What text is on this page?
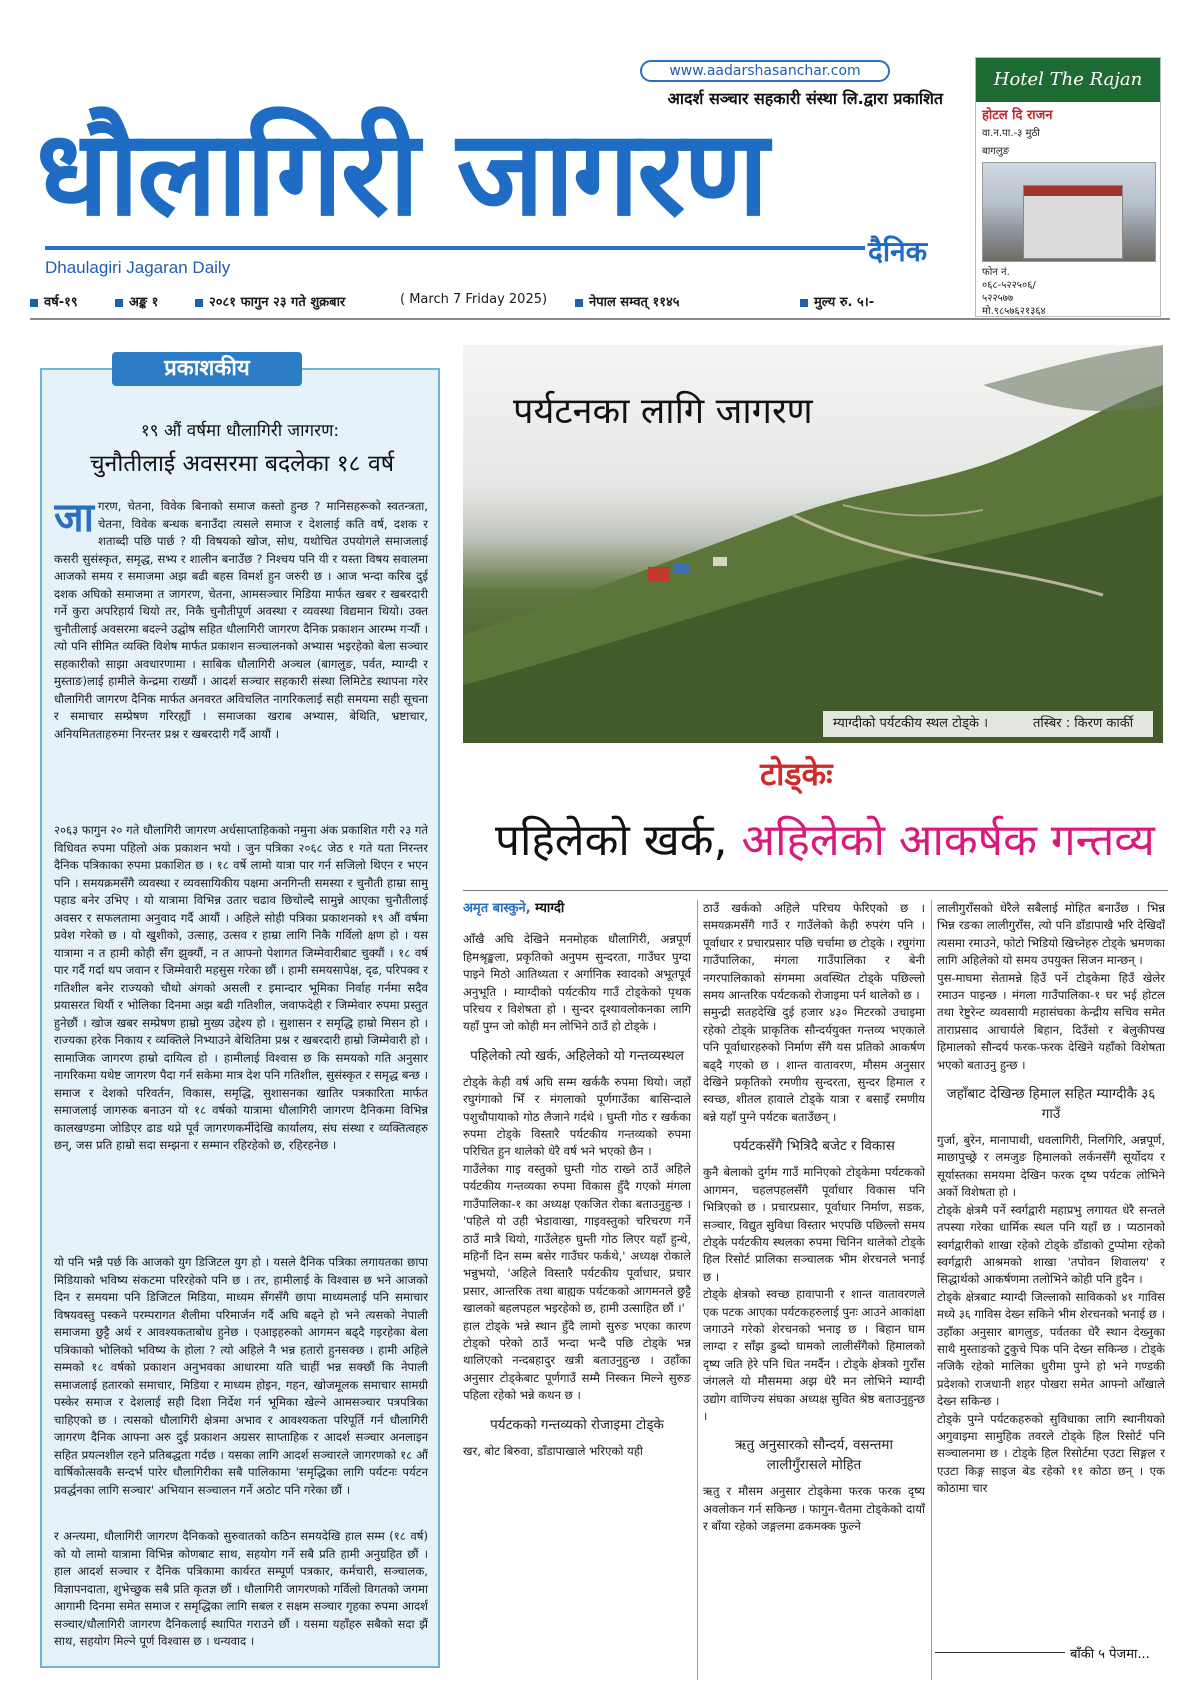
www.aadarshasanchar.com
आदर्श सञ्चार सहकारी संस्था लि.द्वारा प्रकाशित
धौलागिरी जागरण
Dhaulagiri Jagaran Daily	दैनिक
Hotel The Rajan
होटल दि राजन
वा.न.पा.-३ मुठी
बागलुङ
फोन नं.
०६८-५२२५०६/
५२२५७७
मो.९८५७६२१३६४
वर्ष-१९	अङ्क १	२०८१ फागुन २३ गते शुक्रबार	( March 7 Friday 2025)	नेपाल सम्वत् ११४५	मुल्य रु. ५।-
प्रकाशकीय
१९ औं वर्षमा धौलागिरी जागरण:
चुनौतीलाई अवसरमा बदलेका १८ वर्ष
जागरण, चेतना, विवेक बिनाको समाज कस्तो हुन्छ ? मानिसहरूको स्वतन्त्रता, चेतना, विवेक बन्धक बनाउँदा त्यसले समाज र देशलाई कति वर्ष, दशक र शताब्दी पछि पार्छ ? यी विषयको खोज, सोध, यथोचित उपयोगले समाजलाई कसरी सुसंस्कृत, समृद्ध, सभ्य र शालीन बनाउँछ ? निश्चय पनि यी र यस्ता विषय सवालमा आजको समय र समाजमा अझ बढी बहस विमर्श हुन जरुरी छ । आज भन्दा करिब दुई दशक अघिको समाजमा त जागरण, चेतना, आमसञ्चार मिडिया मार्फत खबर र खबरदारी गर्ने कुरा अपरिहार्य थियो तर, निकै चुनौतीपूर्ण अवस्था र व्यवस्था विद्यमान थियो। उक्त चुनौतीलाई अवसरमा बदल्ने उद्घोष सहित धौलागिरी जागरण दैनिक प्रकाशन आरम्भ गर्‍यौं । त्यो पनि सीमित व्यक्ति विशेष मार्फत प्रकाशन सञ्चालनको अभ्यास भइरहेको बेला सञ्चार सहकारीको साझा अवधारणामा । साबिक धौलागिरी अञ्चल (बागलुङ, पर्वत, म्याग्दी र मुस्ताङ)लाई हामीले केन्द्रमा राख्यौं । आदर्श सञ्चार सहकारी संस्था लिमिटेड स्थापना गरेर धौलागिरी जागरण दैनिक मार्फत अनवरत अविचलित नागरिकलाई सही समयमा सही सूचना र समाचार सम्प्रेषण गरिरह्यौं । समाजका खराब अभ्यास, बेथिति, भ्रष्टाचार, अनियमितताहरुमा निरन्तर प्रश्न र खबरदारी गर्दै आयौं ।
२०६३ फागुन २० गते धौलागिरी जागरण अर्धसाप्ताहिकको नमुना अंक प्रकाशित गरी २३ गते विधिवत रुपमा पहिलो अंक प्रकाशन भयो । जुन पत्रिका २०६८ जेठ १ गते यता निरन्तर दैनिक पत्रिकाका रुपमा प्रकाशित छ । १८ वर्षे लामो यात्रा पार गर्न सजिलो थिएन र भएन पनि । समयक्रमसँगै व्यवस्था र व्यवसायिकीय पक्षमा अनगिन्ती समस्या र चुनौती हाम्रा सामु पहाड बनेर उभिए । यो यात्रामा विभिन्न उतार चढाव छिचोल्दै सामुन्ने आएका चुनौतीलाई अवसर र सफलतामा अनुवाद गर्दै आयौं । अहिले सोही पत्रिका प्रकाशनको १९ औं वर्षमा प्रवेश गरेको छ । यो खुशीको, उत्साह, उत्सव र हाम्रा लागि निकै गर्विलो क्षण हो । यस यात्रामा न त हामी कोही सँग झुक्यौं, न त आफ्नो पेशागत जिम्मेवारीबाट चुक्यौं । १८ वर्ष पार गर्दै गर्दा थप जवान र जिम्मेवारी महसुस गरेका छौं । हामी समयसापेक्ष, दृढ, परिपक्व र गतिशील बनेर राज्यको चौथो अंगको असली र इमान्दार भूमिका निर्वाह गर्नमा सदैव प्रयासरत थियौं र भोलिका दिनमा अझ बढी गतिशील, जवाफदेही र जिम्मेवार रुपमा प्रस्तुत हुनेछौं । खोज खबर सम्प्रेषण हाम्रो मुख्य उद्देश्य हो । सुशासन र समृद्धि हाम्रो मिसन हो । राज्यका हरेक निकाय र व्यक्तिले निभ्याउने बेथितिमा प्रश्न र खबरदारी हाम्रो जिम्मेवारी हो । सामाजिक जागरण हाम्रो दायित्व हो । हामीलाई विश्वास छ कि समयको गति अनुसार नागरिकमा यथेष्ट जागरण पैदा गर्न सकेमा मात्र देश पनि गतिशील, सुसंस्कृत र समृद्ध बन्छ । समाज र देशको परिवर्तन, विकास, समृद्धि, सुशासनका खातिर पत्रकारिता मार्फत समाजलाई जागरुक बनाउन यो १८ वर्षको यात्रामा धौलागिरी जागरण दैनिकमा विभिन्न कालखण्डमा जोडिएर ढाड थप्ने पूर्व जागरणकर्मीदेखि कार्यालय, संघ संस्था र व्यक्तित्वहरु छन्, जस प्रति हाम्रो सदा सम्झना र सम्मान रहिरहेको छ, रहिरहनेछ ।
यो पनि भन्नै पर्छ कि आजको युग डिजिटल युग हो । यसले दैनिक पत्रिका लगायतका छापा मिडियाको भविष्य संकटमा परिरहेको पनि छ । तर, हामीलाई के विश्वास छ भने आजको दिन र समयमा पनि डिजिटल मिडिया, माध्यम सँगसँगै छापा माध्यमलाई पनि समाचार विषयवस्तु पस्कने परम्परागत शैलीमा परिमार्जन गर्दै अघि बढ्ने हो भने त्यसको नेपाली समाजमा छुट्टै अर्थ र आवश्यकताबोध हुनेछ । एआइहरुको आगमन बढ्दै गइरहेका बेला पत्रिकाको भोलिको भविष्य के होला ? त्यो अहिले नै भन्न हतारो हुनसक्छ । हामी अहिले सम्मको १८ वर्षको प्रकाशन अनुभवका आधारमा यति चाहीं भन्न सक्छौं कि नेपाली समाजलाई हतारको समाचार, मिडिया र माध्यम होइन, गहन, खोजमूलक समाचार सामग्री पस्केर समाज र देशलाई सही दिशा निर्देश गर्न भूमिका खेल्ने आमसञ्चार पत्रपत्रिका चाहिएको छ । त्यसको धौलागिरी क्षेत्रमा अभाव र आवश्यकता परिपूर्ति गर्न धौलागिरी जागरण दैनिक आफ्ना अरु दुई प्रकाशन अग्रसर साप्ताहिक र आदर्श सञ्चार अनलाइन सहित प्रयत्नशील रहने प्रतिबद्धता गर्दछ । यसका लागि आदर्श सञ्चारले जागरणको १८ औं वार्षिकोत्सवकै सन्दर्भ पारेर धौलागिरीका सबै पालिकामा 'समृद्धिका लागि पर्यटनः पर्यटन प्रवर्द्धनका लागि सञ्चार' अभियान सञ्चालन गर्ने अठोट पनि गरेका छौं ।
र अन्त्यमा, धौलागिरी जागरण दैनिकको सुरुवातको कठिन समयदेखि हाल सम्म (१८ वर्ष) को यो लामो यात्रामा विभिन्न कोणबाट साथ, सहयोग गर्ने सबै प्रति हामी अनुग्रहित छौं । हाल आदर्श सञ्चार र दैनिक पत्रिकामा कार्यरत सम्पूर्ण पत्रकार, कर्मचारी, सञ्चालक, विज्ञापनदाता, शुभेच्छुक सबै प्रति कृतज्ञ छौं । धौलागिरी जागरणको गर्विलो विगतको जगमा आगामी दिनमा समेत समाज र समृद्धिका लागि सबल र सक्षम सञ्चार गृहका रुपमा आदर्श सञ्चार/धौलागिरी जागरण दैनिकलाई स्थापित गराउने छौं । यसमा यहाँहरु सबैको सदा झैं साथ, सहयोग मिल्ने पूर्ण विश्वास छ । धन्यवाद ।
पर्यटनका लागि जागरण
म्याग्दीको पर्यटकीय स्थल टोड्के ।	तस्बिर : किरण कार्की
टोड्केः
पहिलेको खर्क, अहिलेको आकर्षक गन्तव्य
अमृत बास्कुने, म्याग्दी

आँखै अघि देखिने मनमोहक धौलागिरी, अन्नपूर्ण हिमश्रृङ्खला, प्रकृतिको अनुपम सुन्दरता, गाउँघर पुग्दा पाइने मिठो आतिथ्यता र अर्गानिक स्वादको अभूतपूर्व अनुभूति । म्याग्दीको पर्यटकीय गाउँ टोड्केको पृथक परिचय र विशेषता हो । सुन्दर दृश्यावलोकनका लागि यहाँ पुग्न जो कोही मन लोभिने ठाउँ हो टोड्के ।

पहिलेको त्यो खर्क, अहिलेको यो गन्तव्यस्थल

टोड्के केही वर्ष अघि सम्म खर्ककै रुपमा थियो। जहाँ रघुगंगाको भिँ र मंगलाको पूर्णगाउँका बासिन्दाले पशुचौपायाको गोठ लैजाने गर्दथे । घुम्ती गोठ र खर्कका रुपमा टोड्के विस्तारै पर्यटकीय गन्तव्यको रुपमा परिचित हुन थालेको धेरै वर्ष भने भएको छैन ।

गाउँलेका गाइ वस्तुको घुम्ती गोठ राख्ने ठाउँ अहिले पर्यटकीय गन्तव्यका रुपमा विकास हुँदै गएको मंगला गाउँपालिका-१ का अध्यक्ष एकजित रोका बताउनुहुन्छ । 'पहिले यो उही भेडावाखा, गाइवस्तुको चरिचरण गर्ने ठाउँ मात्रै थियो, गाउँलेहरु घुम्ती गोठ लिएर यहाँ हुन्थे, महिनौं दिन सम्म बसेर गाउँघर फर्कथे,' अध्यक्ष रोकाले भन्नुभयो, 'अहिले विस्तारै पर्यटकीय पूर्वाधार, प्रचार प्रसार, आन्तरिक तथा बाह्यक पर्यटकको आगमनले छुट्टै खालको बहलपहल भइरहेको छ, हामी उत्साहित छौं ।'

हाल टोड्के भन्ने स्थान हुँदै लामो सुरुङ भएका कारण टोड्को परेको ठाउँ भन्दा भन्दै पछि टोड्के भन्न थालिएको नन्दबहादुर खत्री बताउनुहुन्छ । उहाँका अनुसार टोड्केबाट पूर्णगाउँ सम्मै निस्कन मिल्ने सुरुङ पहिला रहेको भन्ने कथन छ ।

पर्यटकको गन्तव्यको रोजाइमा टोड्के

खर, बोट बिरुवा, डाँडापाखाले भरिएको यही

ठाउँ खर्कको अहिले परिचय फेरिएको छ । समयक्रमसँगै गाउँ र गाउँलेको केही रुपरंग पनि । पूर्वाधार र प्रचारप्रसार पछि चर्चामा छ टोड्के । रघुगंगा गाउँपालिका, मंगला गाउँपालिका र बेनी नगरपालिकाको संगममा अवस्थित टोड्के पछिल्लो समय आन्तरिक पर्यटकको रोजाइमा पर्न थालेको छ ।

समुन्द्री सतहदेखि दुई हजार ४३० मिटरको उचाइमा रहेको टोड्के प्राकृतिक सौन्दर्ययुक्त गन्तव्य भएकाले पनि पूर्वाधारहरुको निर्माण सँगै यस प्रतिको आकर्षण बढ्दै गएको छ । शान्त वातावरण, मौसम अनुसार देखिने प्रकृतिको रमणीय सुन्दरता, सुन्दर हिमाल र स्वच्छ, शीतल हावाले टोड्के यात्रा र बसाइँ रमणीय बन्ने यहाँ पुग्ने पर्यटक बताउँछन् ।

पर्यटकसँगै भित्रिदै बजेट र विकास

कुनै बेलाको दुर्गम गाउँ मानिएको टोड्केमा पर्यटकको आगमन, चहलपहलसँगै पूर्वाधार विकास पनि भित्रिएको छ । प्रचारप्रसार, पूर्वाधार निर्माण, सडक, सञ्चार, विद्युत सुविधा विस्तार भएपछि पछिल्लो समय टोड्के पर्यटकीय स्थलका रुपमा चिनिन थालेको टोड्के हिल रिसोर्ट प्रालिका सञ्चालक भीम शेरचनले भनाई छ ।

टोड्के क्षेत्रको स्वच्छ हावापानी र शान्त वातावरणले एक पटक आएका पर्यटकहरुलाई पुनः आउने आकांक्षा जगाउने गरेको शेरचनको भनाइ छ । बिहान घाम लाग्दा र साँझ डुब्दो घामको लालीसँगैको हिमालको दृष्य जति हेरे पनि धित नमर्दैन । टोड्के क्षेत्रको गुराँस जंगलले यो मौसममा अझ धेरै मन लोभिने म्याग्दी उद्योग वाणिज्य संघका अध्यक्ष सुवित श्रेष्ठ बताउनुहुन्छ ।

ऋतु अनुसारको सौन्दर्य, वसन्तमा लालीगुँरासले मोहित

ऋतु र मौसम अनुसार टोड्केमा फरक फरक दृष्य अवलोकन गर्न सकिन्छ । फागुन-चैतमा टोड्केको दायाँ र बाँया रहेको जङ्गलमा ढकमक्क फुल्ने

लालीगुराँसको धेरैले सबैलाई मोहित बनाउँछ । भिन्न भिन्न रङका लालीगुराँस, त्यो पनि डाँडापाखै भरि देखिदाँ त्यसमा रमाउने, फोटो भिडियो खिच्नेहरु टोड्के भ्रमणका लागि अहिलेको यो समय उपयुक्त सिजन मान्छन् ।

पुस-माघमा सेतामन्ने हिउँ पर्ने टोड्केमा हिउँ खेलेर रमाउन पाइन्छ । मंगला गाउँपालिका-१ घर भई होटल तथा रेष्टुरेन्ट व्यवसायी महासंघका केन्द्रीय सचिव समेत तारा​प्रसाद आचार्यले बिहान, दिउँसो र बेलुकीपख हिमालको सौन्दर्य फरक-फरक देखिने यहाँको विशेषता भएको बताउनु हुन्छ ।

जहाँबाट देखिन्छ हिमाल सहित म्याग्दीकै ३६ गाउँ

गुर्जा, बुरेन, मानापाथी, धवलागिरी, निलगिरि, अन्नपूर्ण, माछापुच्छ्रे र लमजुङ हिमालको लर्कनसँगै सूर्योदय र सूर्यास्तका समयमा देखिन फरक दृष्य पर्यटक लोभिने अर्को विशेषता हो ।

टोड्के क्षेत्रमै पर्ने स्वर्गद्वारी महाप्रभु लगायत धेरै सन्तले तपस्या गरेका धार्मिक स्थल पनि यहाँ छ । प्यठानको स्वर्गद्वारीको शाखा रहेको टोड्के डाँडाको टुप्पोमा रहेको स्वर्गद्वारी आश्रमको शाखा 'तपोवन शिवालय' र सिद्धार्थको आकर्षणमा तलोभिने कोही पनि हुदैन ।

टोड्के क्षेत्रबाट म्याग्दी जिल्लाको साविकको ४१ गाविस मध्ये ३६ गाविस देख्न सकिने भीम शेरचनको भनाई छ । उहाँका अनुसार बागलुङ, पर्वतका धेरै स्थान देख्नुका साथै मुस्ताङको टुकुचे पिक पनि देख्न सकिन्छ । टोड्के नजिकै रहेको मालिका धुरीमा पुग्ने हो भने गण्डकी प्रदेशको राजधानी शहर पोखरा समेत आफ्नो आँखाले देख्न सकिन्छ ।

टोड्के पुग्ने पर्यटकहरुको सुविधाका लागि स्थानीयको अगुवाइमा सामुहिक तवरले टोड्के हिल रिसोर्ट पनि सञ्चालनमा छ । टोड्के हिल रिसोर्टमा एउटा सिङ्गल र एउटा किङ्ग साइज बेड रहेको ११ कोठा छन् । एक कोठामा चार

बाँकी ५ पेजमा...
